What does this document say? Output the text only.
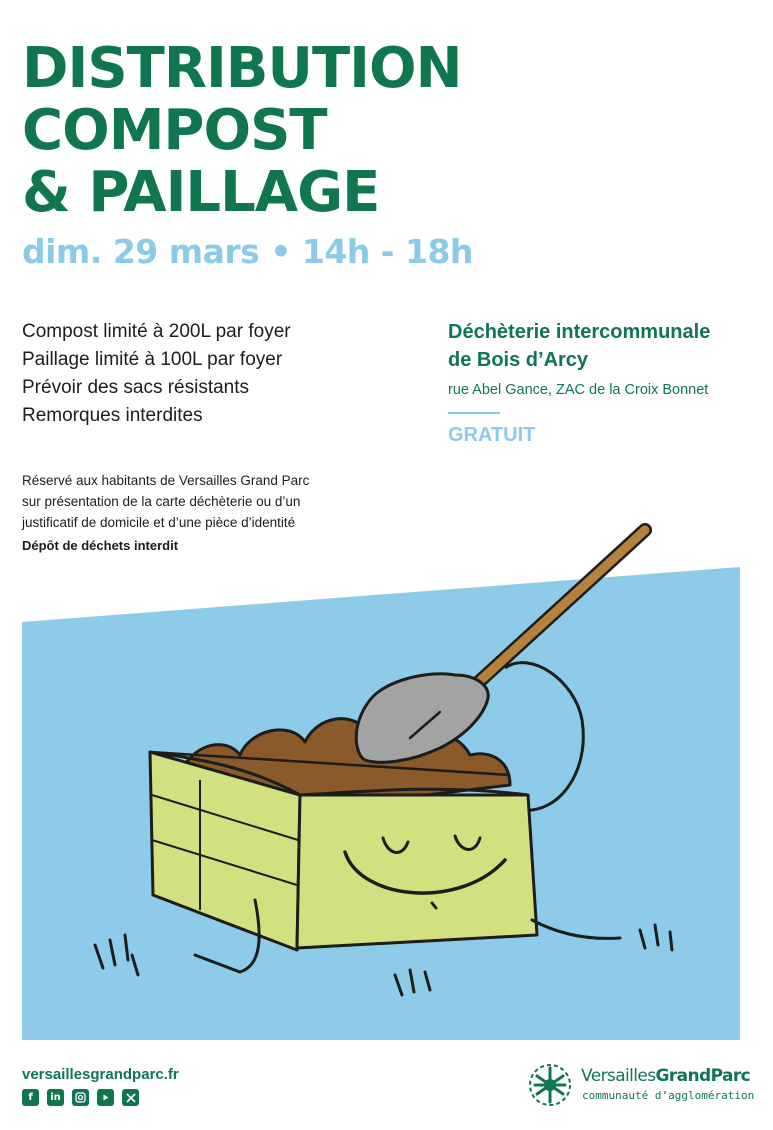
DISTRIBUTION
COMPOST
& PAILLAGE
dim. 29 mars • 14h - 18h
Compost limité à 200L par foyer
Paillage limité à 100L par foyer
Prévoir des sacs résistants
Remorques interdites
Déchèterie intercommunale
de Bois d’Arcy
rue Abel Gance, ZAC de la Croix Bonnet
GRATUIT
Réservé aux habitants de Versailles Grand Parc
sur présentation de la carte déchèterie ou d’un
justificatif de domicile et d’une pièce d’identité
Dépôt de déchets interdit
versaillesgrandparc.fr
f	in
VersaillesGrandParc
communauté d’agglomération
